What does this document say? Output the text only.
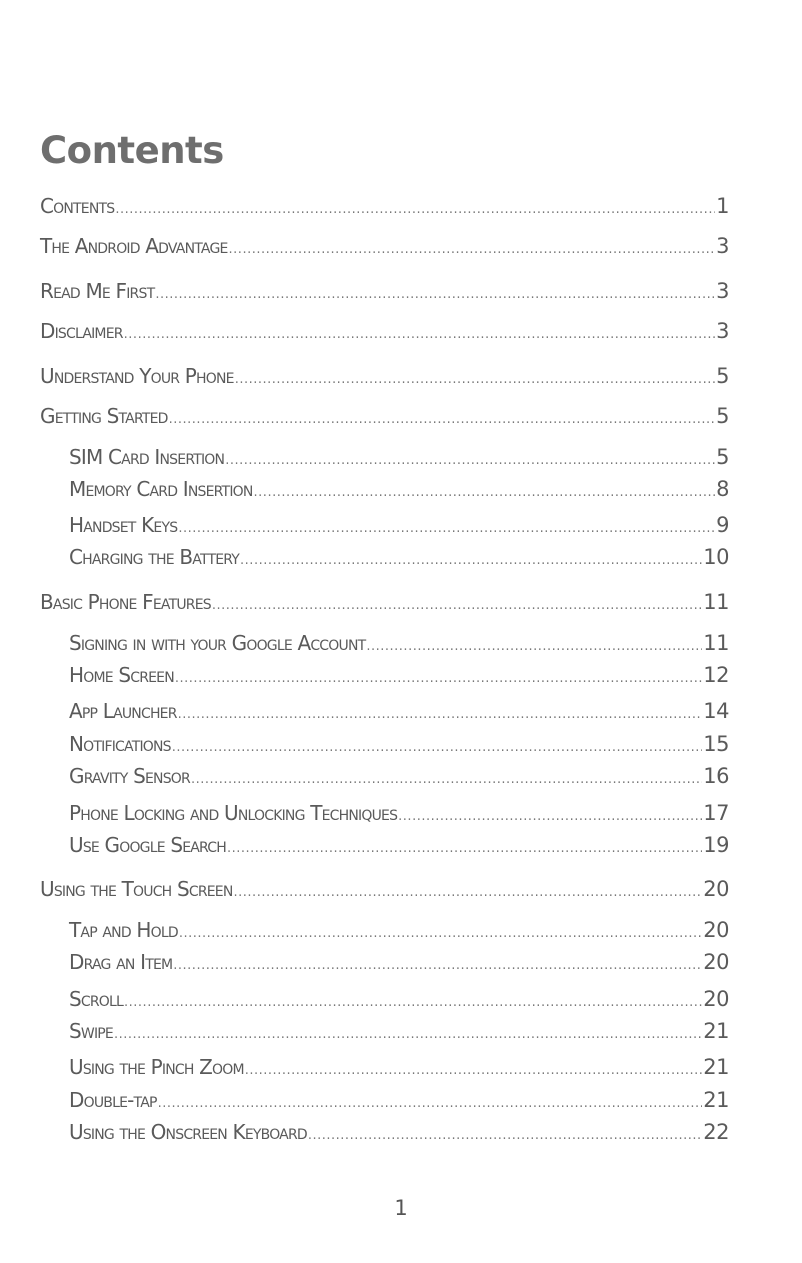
Contents
Contents .....	1
The Android Advantage .....	3
Read Me First .....	3
Disclaimer .....	3
Understand Your Phone .....	5
Getting Started .....	5
SIM Card Insertion .....	5
Memory Card Insertion .....	8
Handset Keys .....	9
Charging the Battery .....	10
Basic Phone Features .....	11
Signing in with your Google Account .....	11
Home Screen .....	12
App Launcher .....	14
Notifications .....	15
Gravity Sensor .....	16
Phone Locking and Unlocking Techniques .....	17
Use Google Search .....	19
Using the Touch Screen .....	20
Tap and Hold .....	20
Drag an Item .....	20
Scroll .....	20
Swipe .....	21
Using the Pinch Zoom .....	21
Double-tap .....	21
Using the Onscreen Keyboard .....	22
1
